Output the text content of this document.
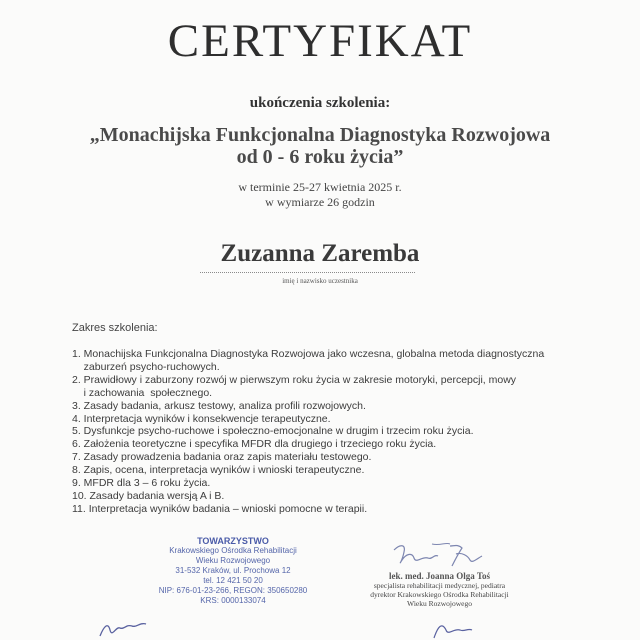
CERTYFIKAT
ukończenia szkolenia:
„Monachijska Funkcjonalna Diagnostyka Rozwojowa
od 0 - 6 roku życia”
w terminie 25-27 kwietnia 2025 r.
w wymiarze 26 godzin
Zuzanna Zaremba
imię i nazwisko uczestnika
Zakres szkolenia:
1. Monachijska Funkcjonalna Diagnostyka Rozwojowa jako wczesna, globalna metoda diagnostyczna
zaburzeń psycho-ruchowych.
2. Prawidłowy i zaburzony rozwój w pierwszym roku życia w zakresie motoryki, percepcji, mowy
i zachowania  społecznego.
3. Zasady badania, arkusz testowy, analiza profili rozwojowych.
4. Interpretacja wyników i konsekwencje terapeutyczne.
5. Dysfunkcje psycho-ruchowe i społeczno-emocjonalne w drugim i trzecim roku życia.
6. Założenia teoretyczne i specyfika MFDR dla drugiego i trzeciego roku życia.
7. Zasady prowadzenia badania oraz zapis materiału testowego.
8. Zapis, ocena, interpretacja wyników i wnioski terapeutyczne.
9. MFDR dla 3 – 6 roku życia.
10. Zasady badania wersją A i B.
11. Interpretacja wyników badania – wnioski pomocne w terapii.
TOWARZYSTWO
Krakowskiego Ośrodka Rehabilitacji
Wieku Rozwojowego
31-532 Kraków, ul. Prochowa 12
tel. 12 421 50 20
NIP: 676-01-23-266, REGON: 350650280
KRS: 0000133074
lek. med. Joanna Olga Toś
specjalista rehabilitacji medycznej, pediatra
dyrektor Krakowskiego Ośrodka Rehabilitacji
Wieku Rozwojowego
